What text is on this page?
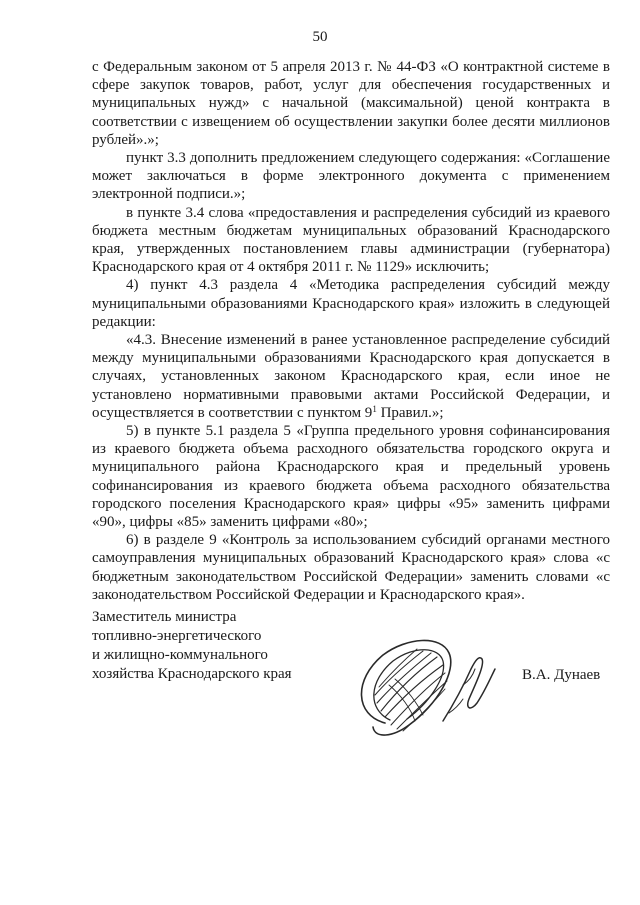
50

с Федеральным законом от 5 апреля 2013 г. № 44-ФЗ «О контрактной системе в сфере закупок товаров, работ, услуг для обеспечения государственных и муниципальных нужд» с начальной (максимальной) ценой контракта в соответствии с извещением об осуществлении закупки более десяти миллионов рублей».»;

пункт 3.3 дополнить предложением следующего содержания: «Соглашение может заключаться в форме электронного документа с применением электронной подписи.»;

в пункте 3.4 слова «предоставления и распределения субсидий из краевого бюджета местным бюджетам муниципальных образований Краснодарского края, утвержденных постановлением главы администрации (губернатора) Краснодарского края от 4 октября 2011 г. № 1129» исключить;

4) пункт 4.3 раздела 4 «Методика распределения субсидий между муниципальными образованиями Краснодарского края» изложить в следующей редакции:

«4.3. Внесение изменений в ранее установленное распределение субсидий между муниципальными образованиями Краснодарского края допускается в случаях, установленных законом Краснодарского края, если иное не установлено нормативными правовыми актами Российской Федерации, и осуществляется в соответствии с пунктом $9^1$ Правил.»;

5) в пункте 5.1 раздела 5 «Группа предельного уровня софинансирования из краевого бюджета объема расходного обязательства городского округа и муниципального района Краснодарского края и предельный уровень софинансирования из краевого бюджета объема расходного обязательства городского поселения Краснодарского края» цифры «95» заменить цифрами «90», цифры «85» заменить цифрами «80»;

6) в разделе 9 «Контроль за использованием субсидий органами местного самоуправления муниципальных образований Краснодарского края» слова «с бюджетным законодательством Российской Федерации» заменить словами «с законодательством Российской Федерации и Краснодарского края».

Заместитель министра
топливно-энергетического
и жилищно-коммунального
хозяйства Краснодарского края	В.А. Дунаев
